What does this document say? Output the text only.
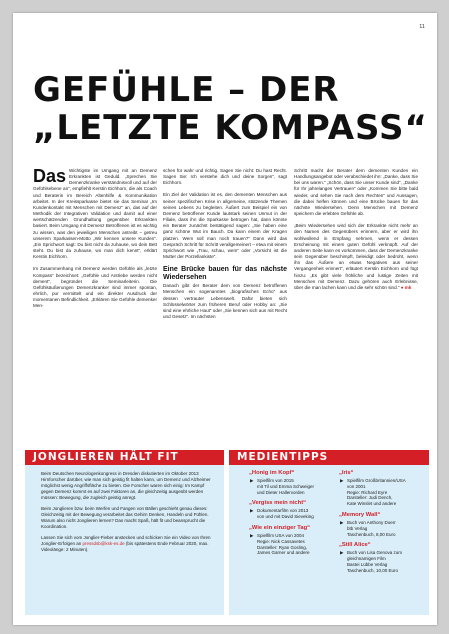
11
GEFÜHLE – DER
„LETZTE KOMPASS“

Das Wichtigste im Umgang mit an Demenz Erkrankten ist Geduld. „Sprechen Sie Demenzkranke verständnisvoll und auf der Gefühlsebene an“, empfiehlt Kerstin Eichhorn, die als Coach und Beraterin im Bereich Altenhilfe & Kommunikation arbeitet. In der Kreissparkasse bietet sie das Seminar „Im Kundenkontakt mit Menschen mit Demenz“ an, das auf der Methodik der Integrativen Validation und damit auf einer wertschätzenden Grundhaltung gegenüber Erkrankten basiert. Beim Umgang mit Demenz Betroffenen ist es wichtig zu wissen, was den jeweiligen Menschen antreibt – getreu unserem Sparkassen-Motto „Wir kennen unsere Kunden“. „Ein Sprichwort sagt: Du bist nicht da zuhause, wo dein Bett steht. Du bist da zuhause, wo man dich kennt“, erklärt Kerstin Eichhorn.

Im Zusammenhang mit Demenz werden Gefühle als „letzte Kompass“ bezeichnet: „Gefühle und Antriebe werden nicht dement“, begründet die Seminarleiterin. Die Gefühlsäußerungen Demenzkranker sind immer spontan, ehrlich, pur vermittelt und ein direkter Ausdruck der momentanen Befindlichkeit. „Erklären Sie Gefühle demenker Men-

schen für wahr und richtig. Sagen Sie nicht: Du hast Recht. Sagen Sie: Ich verstehe dich und deine Sorgen“, sagt Eichhorn.

Ein Ziel der Validation ist es, den dementen Menschen aus seiner spezifischen Krise in allgemeine, stützende Themen seines Lebens zu begleiten. Äußert zum Beispiel ein von Demenz betroffener Kunde lautstark seinen Unmut in der Filiale, dass ihn die Sparkasse betrogen hat, dann könnte ein Berater zunächst bestätigend sagen: „Sie haben eine ganz schöne Wut im Bauch. Da kann einem der Kragen platzen. Wem soll man noch trauen?“ Dann wird das Gespräch Schritt für Schritt verallgemeinert – etwa mit einem Sprichwort wie „Trau, schau, wem“ oder „Vorsicht ist die Mutter der Porzellankiste“.

Eine Brücke bauen für das nächste Wiedersehen

Danach gibt der Berater dem von Demenz betroffenen Menschen ein sogenanntes „biografisches Echo“ aus dessen vertrauter Lebenswelt. Dafür bieten sich Schlüsselwörter zum früheren Beruf oder Hobby an: „Sie sind eine ehrliche Haut“ oder „Sie kennen sich aus mit Recht und Gesetz“. Im nächsten

Schritt macht der Berater dem dementen Kunden ein Handlungsangebot oder verabschiedet ihn: „Danke, dass Sie bei uns waren.“ „Schön, dass Sie unser Kunde sind“, „Danke für Ihr jahrelanges Vertrauen“ oder „Kommen Sie bitte bald wieder, und sehen Sie nach dem Rechten“ und Aussagen, die dabei helfen können und eine Brücke bauen für das nächste Wiedersehen. Denn Menschen mit Demenz speichern die erlebten Gefühle ab.

„Beim Wiedersehen wird sich der Erkrankte nicht mehr an den Namen des Gegenübers erinnern, aber er wird ihn wohlwollend in Empfang nehmen, wenn er dessen Erscheinung mit einem guten Gefühl verknüpft. Auf der anderen Seite kann es vorkommen, dass der Demenzkranke sein Gegenüber beschimpft, beleidigt oder bedroht, wenn ihn das Äußere an etwas Negatives aus seiner Vergangenheit erinnert“, erläutert Kerstin Eichhorn und fügt hinzu: „Es gibt viele fröhliche und lustige Zeiten mit Menschen mit Demenz. Dazu gehören auch Erlebnisse, über die man lachen kann und die sehr schön sind.“ ● mk

JONGLIEREN HÄLT FIT	MEDIENTIPPS

Beim Deutschen Neurologenkongress in Dresden diskutierten im Oktober 2013 Hirnforscher darüber, wie man sich geistig fit halten kann, um Demenz und Alzheimer möglichst wenig Angriffsfläche zu bieten. Die Forscher waren sich einig: Im Kampf gegen Demenz kommt es auf zwei Faktoren an, die gleichzeitig ausgeübt werden müssen: Bewegung, die zugleich geistig anregt.

Beim Jonglieren bzw. beim Werfen und Fangen von Bällen geschieht genau dieses: Gleichzeitig mit der Bewegung verarbeitet das Gehirn Denken, Handeln und Fühlen. Warum also nicht Jonglieren lernen? Das macht Spaß, hält fit und beansprucht die Koordination.

Lassen Sie sich vom Jonglier-Fieber anstecken und schicken Sie ein Video von Ihren Jonglier-Erfolgen an pressdsb@ksk-es.de (bis spätestens Ende Februar 2020, max. Videolänge: 2 Minuten).

„Honig im Kopf“
▶ Spielfilm von 2015
mit Til und Emma Schweiger
und Dieter Hallervorden
„Vergiss mein nicht“
▶ Dokumentarfilm von 2013
von und mit David Sieveking
„Wie ein einziger Tag“
▶ Spielfilm USA von 2004
Regie: Nick Cassavetes
Darsteller: Ryan Gosling,
James Garner und andere
„Iris“
▶ Spielfilm Großbritannien/USA
von 2001
Regie: Richard Eyre
Darsteller: Judi Dench,
Kate Winslet und andere
„Memory Wall“
▶ Buch von Anthony Doerr
btb Verlag
Taschenbuch, 8,00 Euro
„Still Alice“
▶ Buch von Lisa Genova zum
gleichnamigen Film
Bastei Lübbe Verlag
Taschenbuch, 10,00 Euro
